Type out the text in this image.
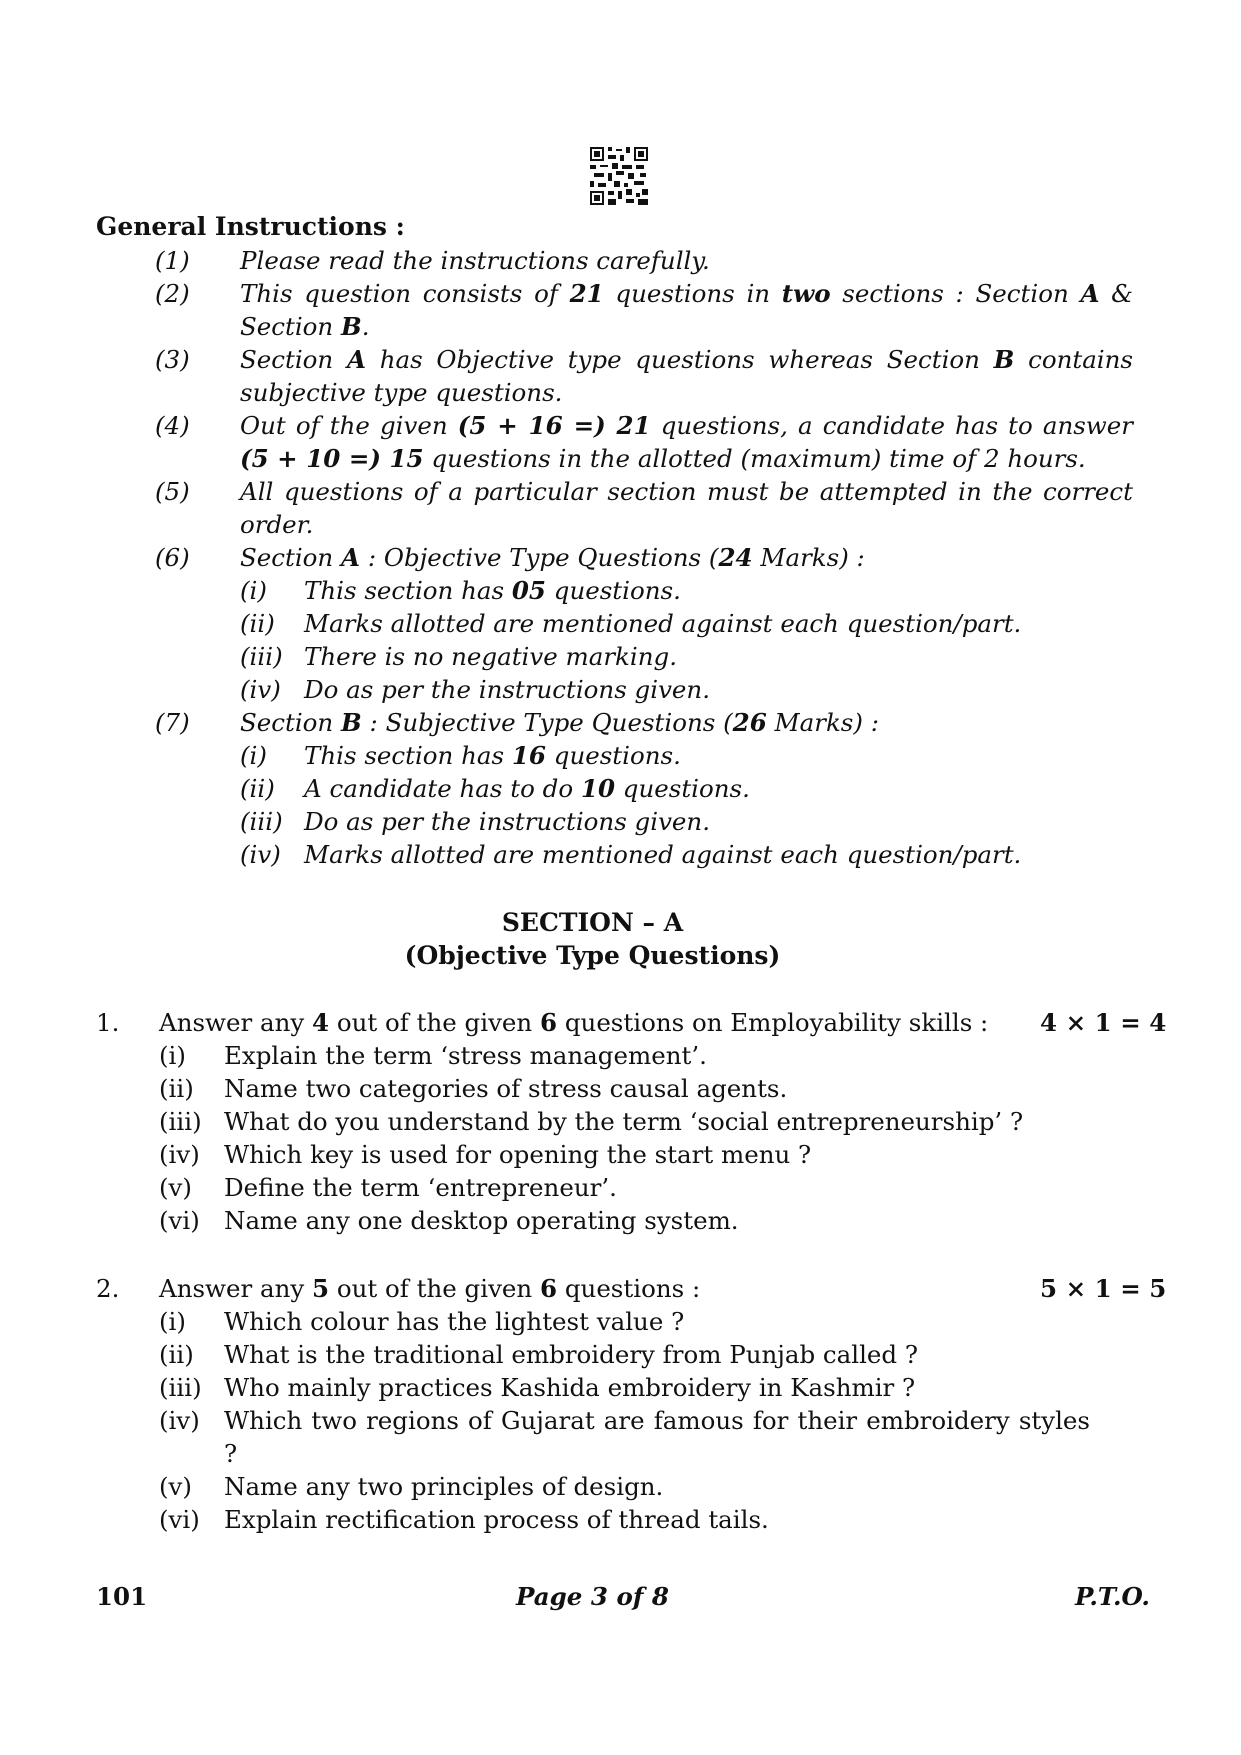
General Instructions :
(1) Please read the instructions carefully.
(2) This question consists of 21 questions in two sections : Section A & Section B.
(3) Section A has Objective type questions whereas Section B contains subjective type questions.
(4) Out of the given (5 + 16 =) 21 questions, a candidate has to answer (5 + 10 =) 15 questions in the allotted (maximum) time of 2 hours.
(5) All questions of a particular section must be attempted in the correct order.
(6) Section A : Objective Type Questions (24 Marks) :
(i) This section has 05 questions.
(ii) Marks allotted are mentioned against each question/part.
(iii) There is no negative marking.
(iv) Do as per the instructions given.
(7) Section B : Subjective Type Questions (26 Marks) :
(i) This section has 16 questions.
(ii) A candidate has to do 10 questions.
(iii) Do as per the instructions given.
(iv) Marks allotted are mentioned against each question/part.
SECTION – A
(Objective Type Questions)
1.	4 × 1 = 4
Answer any 4 out of the given 6 questions on Employability skills :
(i) Explain the term ‘stress management’.
(ii) Name two categories of stress causal agents.
(iii) What do you understand by the term ‘social entrepreneurship’ ?
(iv) Which key is used for opening the start menu ?
(v) Define the term ‘entrepreneur’.
(vi) Name any one desktop operating system.
2.	5 × 1 = 5
Answer any 5 out of the given 6 questions :
(i) Which colour has the lightest value ?
(ii) What is the traditional embroidery from Punjab called ?
(iii) Who mainly practices Kashida embroidery in Kashmir ?
(iv) Which two regions of Gujarat are famous for their embroidery styles ?
(v) Name any two principles of design.
(vi) Explain rectification process of thread tails.
101	Page 3 of 8	P.T.O.
